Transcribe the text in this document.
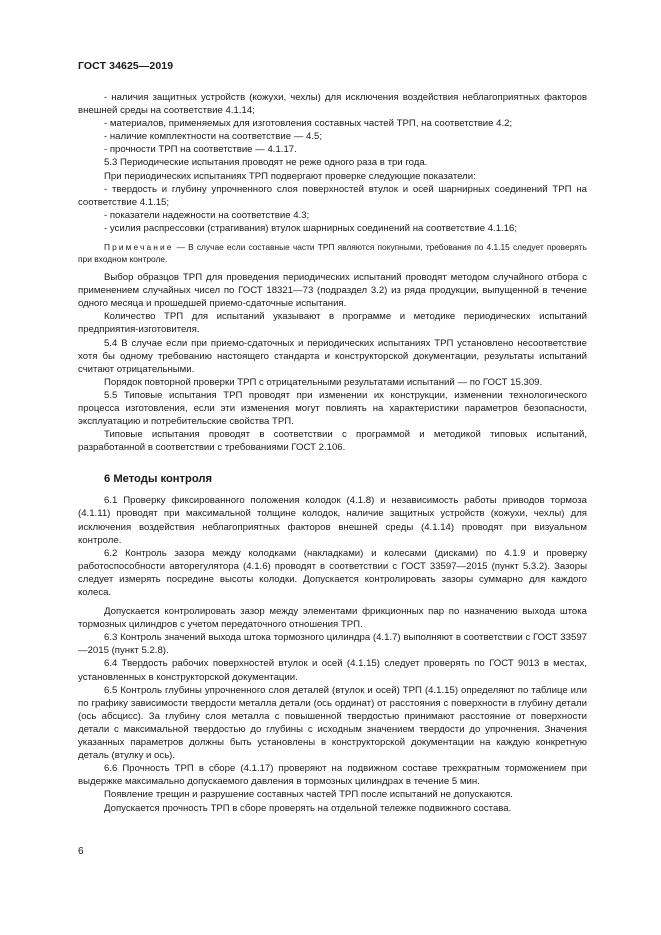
ГОСТ 34625—2019

- наличия защитных устройств (кожухи, чехлы) для исключения воздействия неблагоприятных факторов внешней среды на соответствие 4.1.14;

- материалов, применяемых для изготовления составных частей ТРП, на соответствие 4.2;

- наличие комплектности на соответствие — 4.5;

- прочности ТРП на соответствие — 4.1.17.

5.3 Периодические испытания проводят не реже одного раза в три года.

При периодических испытаниях ТРП подвергают проверке следующие показатели:

- твердость и глубину упрочненного слоя поверхностей втулок и осей шарнирных соединений ТРП на соответствие 4.1.15;

- показатели надежности на соответствие 4.3;

- усилия распрессовки (страгивания) втулок шарнирных соединений на соответствие 4.1.16;

Примечание — В случае если составные части ТРП являются покупными, требования по 4.1.15 следует проверять при входном контроле.

Выбор образцов ТРП для проведения периодических испытаний проводят методом случайного отбора с применением случайных чисел по ГОСТ 18321—73 (подраздел 3.2) из ряда продукции, выпущенной в течение одного месяца и прошедшей приемо-сдаточные испытания.

Количество ТРП для испытаний указывают в программе и методике периодических испытаний предприятия-изготовителя.

5.4 В случае если при приемо-сдаточных и периодических испытаниях ТРП установлено несоответствие хотя бы одному требованию настоящего стандарта и конструкторской документации, результаты испытаний считают отрицательными.

Порядок повторной проверки ТРП с отрицательными результатами испытаний — по ГОСТ 15.309.

5.5 Типовые испытания ТРП проводят при изменении их конструкции, изменении технологического процесса изготовления, если эти изменения могут повлиять на характеристики параметров безопасности, эксплуатацию и потребительские свойства ТРП.

Типовые испытания проводят в соответствии с программой и методикой типовых испытаний, разработанной в соответствии с требованиями ГОСТ 2.106.

6 Методы контроля

6.1 Проверку фиксированного положения колодок (4.1.8) и независимость работы приводов тормоза (4.1.11) проводят при максимальной толщине колодок, наличие защитных устройств (кожухи, чехлы) для исключения воздействия неблагоприятных факторов внешней среды (4.1.14) проводят при визуальном контроле.

6.2 Контроль зазора между колодками (накладками) и колесами (дисками) по 4.1.9 и проверку работоспособности авторегулятора (4.1.6) проводят в соответствии с ГОСТ 33597—2015 (пункт 5.3.2). Зазоры следует измерять посредине высоты колодки. Допускается контролировать зазоры суммарно для каждого колеса.

Допускается контролировать зазор между элементами фрикционных пар по назначению выхода штока тормозных цилиндров с учетом передаточного отношения ТРП.

6.3 Контроль значений выхода штока тормозного цилиндра (4.1.7) выполняют в соответствии с ГОСТ 33597—2015 (пункт 5.2.8).

6.4 Твердость рабочих поверхностей втулок и осей (4.1.15) следует проверять по ГОСТ 9013 в местах, установленных в конструкторской документации.

6.5 Контроль глубины упрочненного слоя деталей (втулок и осей) ТРП (4.1.15) определяют по таблице или по графику зависимости твердости металла детали (ось ординат) от расстояния с поверхности в глубину детали (ось абсцисс). За глубину слоя металла с повышенной твердостью принимают расстояние от поверхности детали с максимальной твердостью до глубины с исходным значением твердости до упрочнения. Значения указанных параметров должны быть установлены в конструкторской документации на каждую конкретную деталь (втулку и ось).

6.6 Прочность ТРП в сборе (4.1.17) проверяют на подвижном составе трехкратным торможением при выдержке максимально допускаемого давления в тормозных цилиндрах в течение 5 мин.

Появление трещин и разрушение составных частей ТРП после испытаний не допускаются.

Допускается прочность ТРП в сборе проверять на отдельной тележке подвижного состава.

6
